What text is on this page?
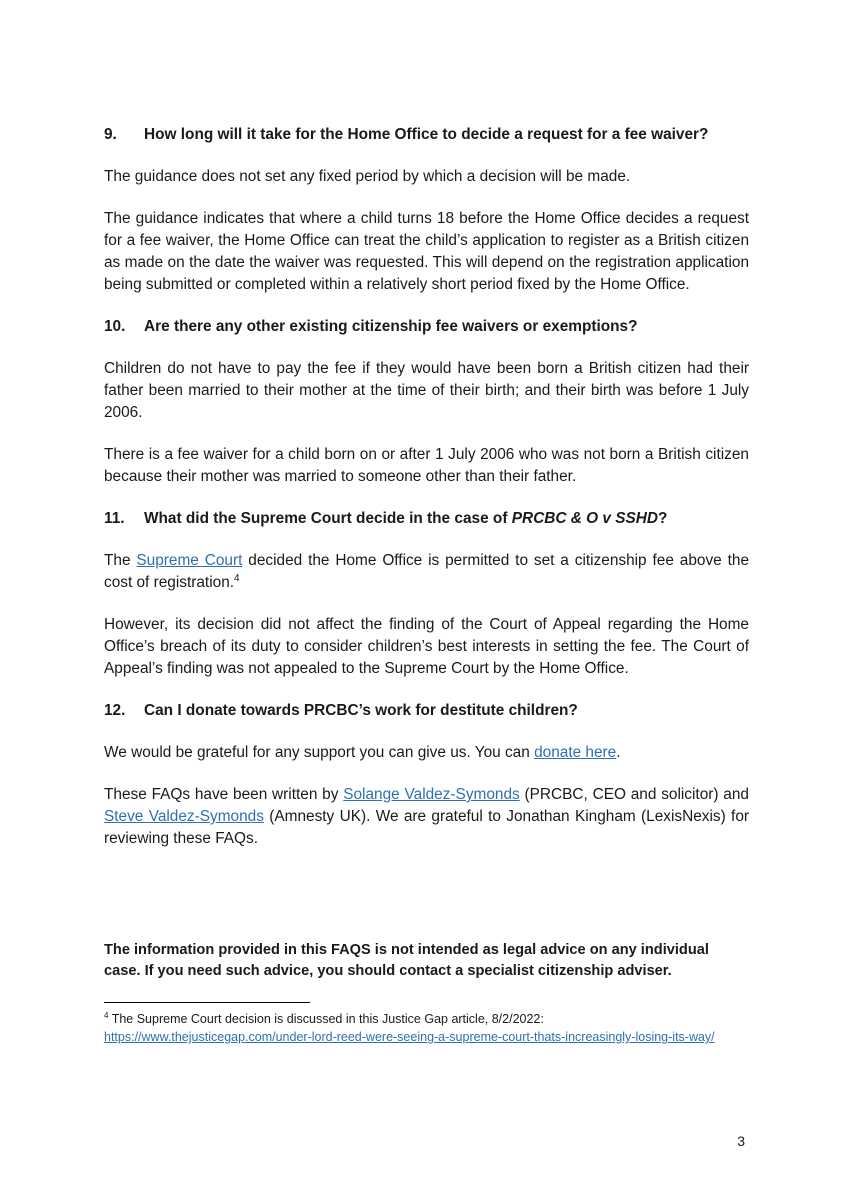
9.	How long will it take for the Home Office to decide a request for a fee waiver?

The guidance does not set any fixed period by which a decision will be made.

The guidance indicates that where a child turns 18 before the Home Office decides a request for a fee waiver, the Home Office can treat the child’s application to register as a British citizen as made on the date the waiver was requested. This will depend on the registration application being submitted or completed within a relatively short period fixed by the Home Office.

10.	Are there any other existing citizenship fee waivers or exemptions?

Children do not have to pay the fee if they would have been born a British citizen had their father been married to their mother at the time of their birth; and their birth was before 1 July 2006.

There is a fee waiver for a child born on or after 1 July 2006 who was not born a British citizen because their mother was married to someone other than their father.

11.	What did the Supreme Court decide in the case of PRCBC & O v SSHD?

The Supreme Court decided the Home Office is permitted to set a citizenship fee above the cost of registration.$^4$

However, its decision did not affect the finding of the Court of Appeal regarding the Home Office’s breach of its duty to consider children’s best interests in setting the fee. The Court of Appeal’s finding was not appealed to the Supreme Court by the Home Office.

12.	Can I donate towards PRCBC’s work for destitute children?

We would be grateful for any support you can give us. You can donate here.

These FAQs have been written by Solange Valdez-Symonds (PRCBC, CEO and solicitor) and Steve Valdez-Symonds (Amnesty UK). We are grateful to Jonathan Kingham (LexisNexis) for reviewing these FAQs.

The information provided in this FAQS is not intended as legal advice on any individual case. If you need such advice, you should contact a specialist citizenship adviser.
$^4$ The Supreme Court decision is discussed in this Justice Gap article, 8/2/2022:
https://www.thejusticegap.com/under-lord-reed-were-seeing-a-supreme-court-thats-increasingly-losing-its-way/
3
